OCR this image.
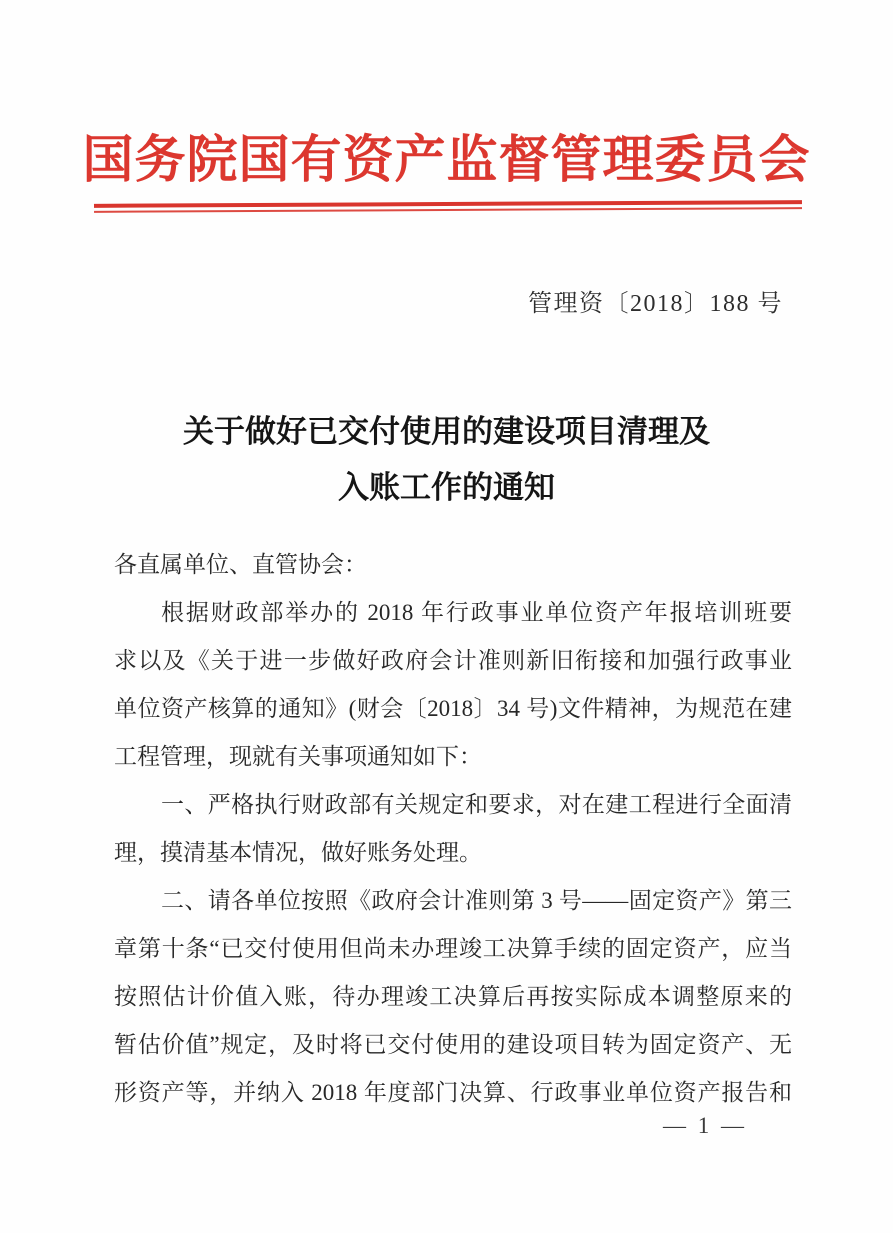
国务院国有资产监督管理委员会
管理资〔2018〕188 号
关于做好已交付使用的建设项目清理及
入账工作的通知
各直属单位、直管协会：
根据财政部举办的 2018 年行政事业单位资产年报培训班要
求以及《关于进一步做好政府会计准则新旧衔接和加强行政事业
单位资产核算的通知》(财会〔2018〕34 号)文件精神，为规范在建
工程管理，现就有关事项通知如下：
一、严格执行财政部有关规定和要求，对在建工程进行全面清
理，摸清基本情况，做好账务处理。
二、请各单位按照《政府会计准则第 3 号——固定资产》第三
章第十条“已交付使用但尚未办理竣工决算手续的固定资产，应当
按照估计价值入账，待办理竣工决算后再按实际成本调整原来的
暂估价值”规定，及时将已交付使用的建设项目转为固定资产、无
形资产等，并纳入 2018 年度部门决算、行政事业单位资产报告和
— 1 —
